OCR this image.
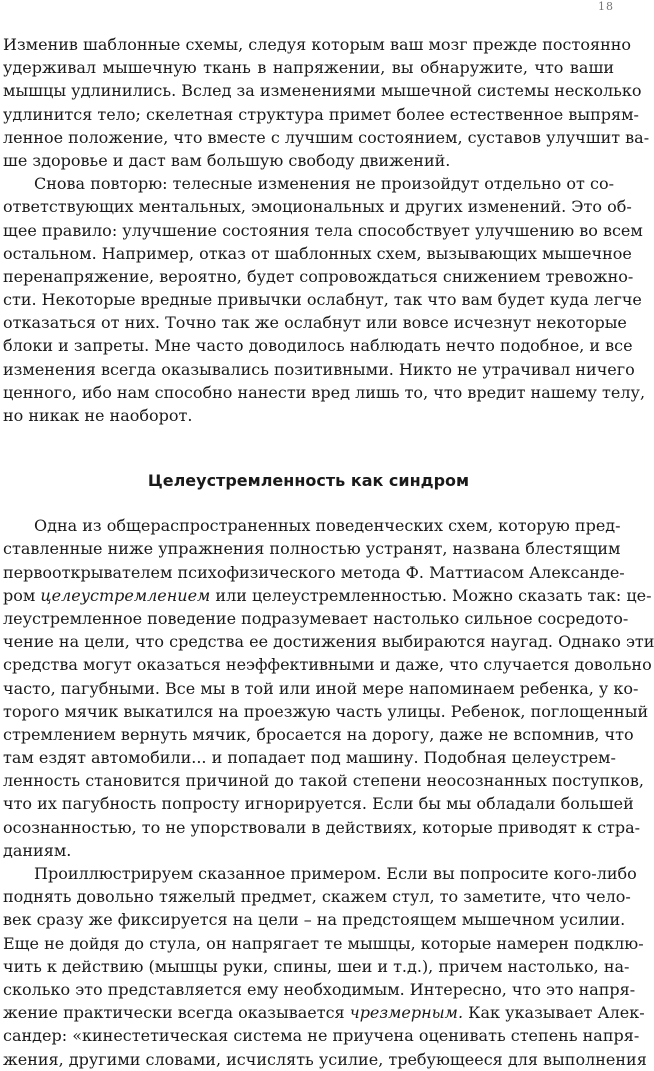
18
Изменив шаблонные схемы, следуя которым ваш мозг прежде постоянно
удерживал мышечную ткань в напряжении, вы обнаружите, что ваши
мышцы удлинились. Вслед за изменениями мышечной системы несколько
удлинится тело; скелетная структура примет более естественное выпрям-
ленное положение, что вместе с лучшим состоянием, суставов улучшит ва-
ше здоровье и даст вам большую свободу движений.
Снова повторю: телесные изменения не произойдут отдельно от со-
ответствующих ментальных, эмоциональных и других изменений. Это об-
щее правило: улучшение состояния тела способствует улучшению во всем
остальном. Например, отказ от шаблонных схем, вызывающих мышечное
перенапряжение, вероятно, будет сопровождаться снижением тревожно-
сти. Некоторые вредные привычки ослабнут, так что вам будет куда легче
отказаться от них. Точно так же ослабнут или вовсе исчезнут некоторые
блоки и запреты. Мне часто доводилось наблюдать нечто подобное, и все
изменения всегда оказывались позитивными. Никто не утрачивал ничего
ценного, ибо нам способно нанести вред лишь то, что вредит нашему телу,
но никак не наоборот.
Целеустремленность как синдром
Одна из общераспространенных поведенческих схем, которую пред-
ставленные ниже упражнения полностью устранят, названа блестящим
первооткрывателем психофизического метода Ф. Маттиасом Александе-
ром целеустремлением или целеустремленностью. Можно сказать так: це-
леустремленное поведение подразумевает настолько сильное сосредото-
чение на цели, что средства ее достижения выбираются наугад. Однако эти
средства могут оказаться неэффективными и даже, что случается довольно
часто, пагубными. Все мы в той или иной мере напоминаем ребенка, у ко-
торого мячик выкатился на проезжую часть улицы. Ребенок, поглощенный
стремлением вернуть мячик, бросается на дорогу, даже не вспомнив, что
там ездят автомобили... и попадает под машину. Подобная целеустрем-
ленность становится причиной до такой степени неосознанных поступков,
что их пагубность попросту игнорируется. Если бы мы обладали большей
осознанностью, то не упорствовали в действиях, которые приводят к стра-
даниям.
Проиллюстрируем сказанное примером. Если вы попросите кого-либо
поднять довольно тяжелый предмет, скажем стул, то заметите, что чело-
век сразу же фиксируется на цели – на предстоящем мышечном усилии.
Еще не дойдя до стула, он напрягает те мышцы, которые намерен подклю-
чить к действию (мышцы руки, спины, шеи и т.д.), причем настолько, на-
сколько это представляется ему необходимым. Интересно, что это напря-
жение практически всегда оказывается чрезмерным. Как указывает Алек-
сандер: «кинестетическая система не приучена оценивать степень напря-
жения, другими словами, исчислять усилие, требующееся для выполнения
